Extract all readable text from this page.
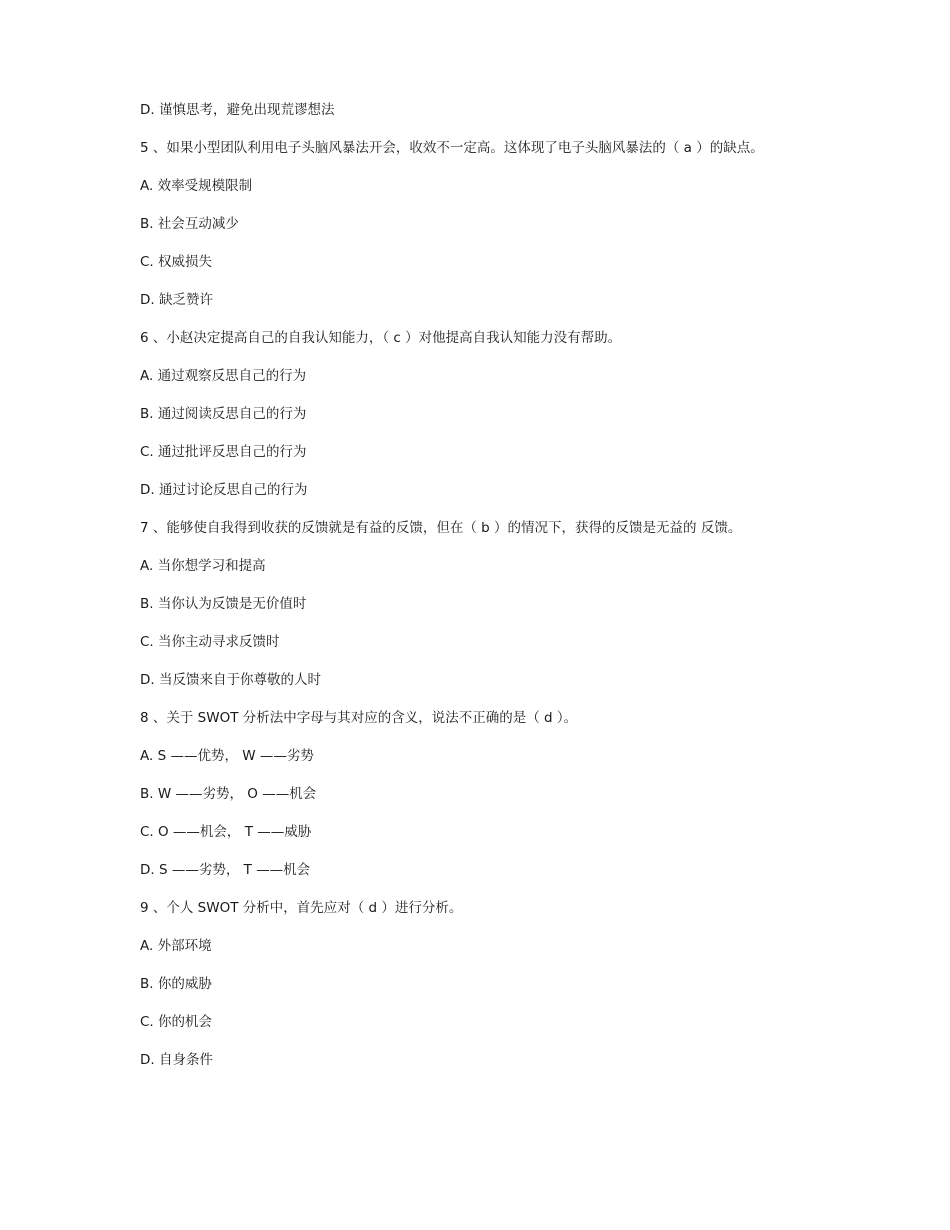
D. 谨慎思考，避免出现荒谬想法
5 、如果小型团队利用电子头脑风暴法开会，收效不一定高。这体现了电子头脑风暴法的（ a ）的缺点。
A. 效率受规模限制
B. 社会互动减少
C. 权威损失
D. 缺乏赞许
6 、小赵决定提高自己的自我认知能力，（ c ）对他提高自我认知能力没有帮助。
A. 通过观察反思自己的行为
B. 通过阅读反思自己的行为
C. 通过批评反思自己的行为
D. 通过讨论反思自己的行为
7 、能够使自我得到收获的反馈就是有益的反馈，但在（ b ）的情况下，获得的反馈是无益的 反馈。
A. 当你想学习和提高
B. 当你认为反馈是无价值时
C. 当你主动寻求反馈时
D. 当反馈来自于你尊敬的人时
8 、关于 SWOT 分析法中字母与其对应的含义，说法不正确的是（ d ）。
A. S ——优势， W ——劣势
B. W ——劣势， O ——机会
C. O ——机会， T ——威胁
D. S ——劣势， T ——机会
9 、个人 SWOT 分析中，首先应对（ d ）进行分析。
A. 外部环境
B. 你的威胁
C. 你的机会
D. 自身条件
